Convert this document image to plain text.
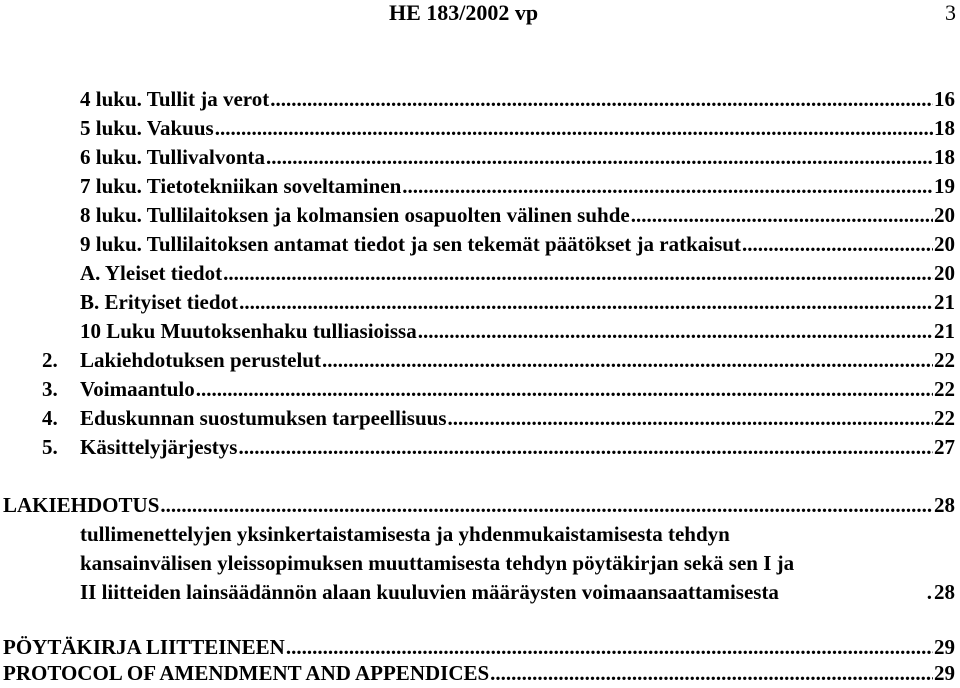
HE 183/2002 vp	3
4 luku. Tullit ja verot .....	16
5 luku. Vakuus .....	18
6 luku. Tullivalvonta .....	18
7 luku. Tietotekniikan soveltaminen .....	19
8 luku. Tullilaitoksen ja kolmansien osapuolten välinen suhde .....	20
9 luku. Tullilaitoksen antamat tiedot ja sen tekemät päätökset ja ratkaisut .....	20
A. Yleiset tiedot .....	20
B. Erityiset tiedot .....	21
10 Luku Muutoksenhaku tulliasioissa .....	21
2. Lakiehdotuksen perustelut .....	22
3. Voimaantulo .....	22
4. Eduskunnan suostumuksen tarpeellisuus .....	22
5. Käsittelyjärjestys .....	27
LAKIEHDOTUS .....	28
tullimenettelyjen yksinkertaistamisesta ja yhdenmukaistamisesta tehdyn
kansainvälisen yleissopimuksen muuttamisesta tehdyn pöytäkirjan sekä sen I ja
II liitteiden lainsäädännön alaan kuuluvien määräysten voimaansaattamisesta	. 28
PÖYTÄKIRJA LIITTEINEEN .....	29
PROTOCOL OF AMENDMENT AND APPENDICES .....	29
